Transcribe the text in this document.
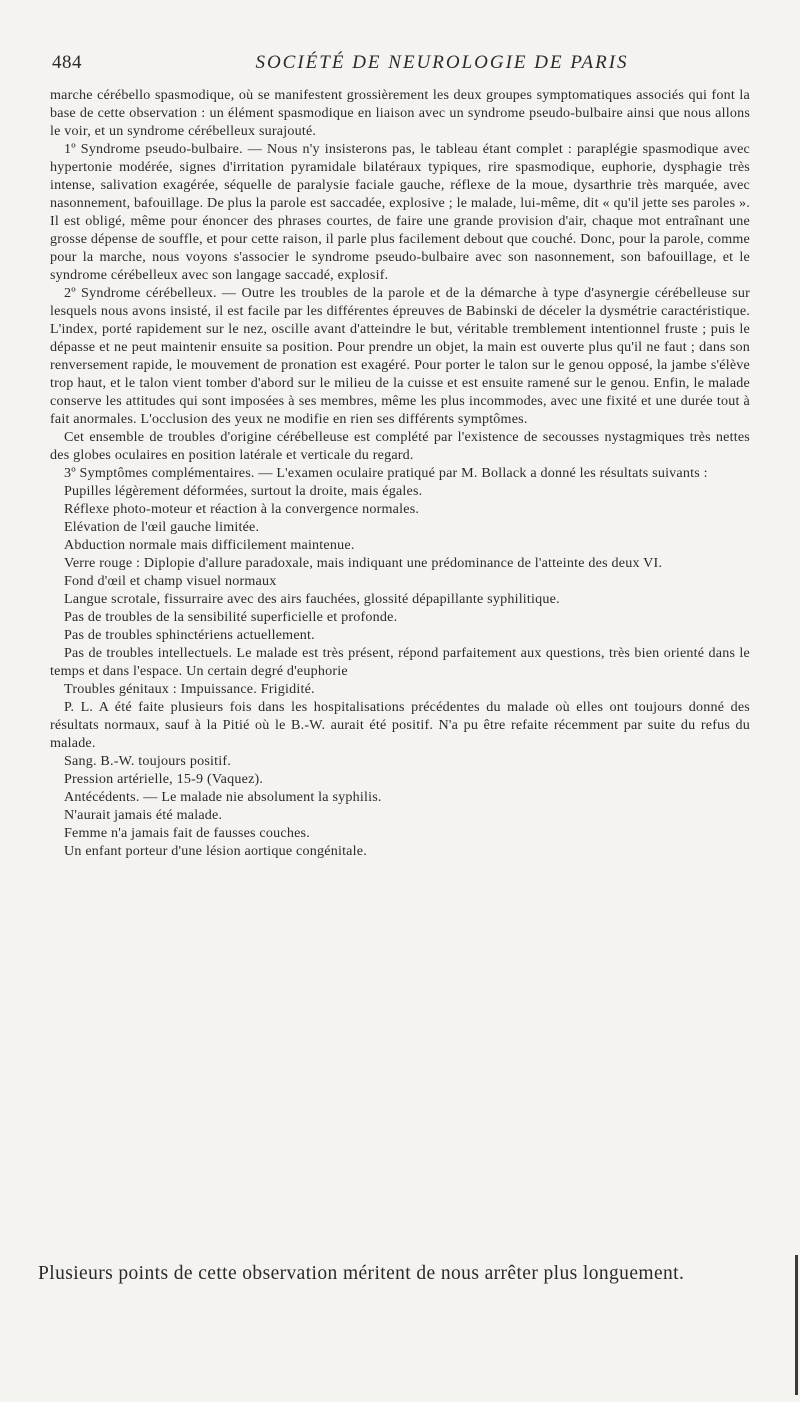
484	SOCIÉTÉ DE NEUROLOGIE DE PARIS

marche cérébello spasmodique, où se manifestent grossièrement les deux groupes symptomatiques associés qui font la base de cette observation : un élément spasmodique en liaison avec un syndrome pseudo-bulbaire ainsi que nous allons le voir, et un syndrome cérébelleux surajouté.

1º Syndrome pseudo-bulbaire. — Nous n'y insisterons pas, le tableau étant complet : paraplégie spasmodique avec hypertonie modérée, signes d'irritation pyramidale bilatéraux typiques, rire spasmodique, euphorie, dysphagie très intense, salivation exagérée, séquelle de paralysie faciale gauche, réflexe de la moue, dysarthrie très marquée, avec nasonnement, bafouillage. De plus la parole est saccadée, explosive ; le malade, lui-même, dit « qu'il jette ses paroles ». Il est obligé, même pour énoncer des phrases courtes, de faire une grande provision d'air, chaque mot entraînant une grosse dépense de souffle, et pour cette raison, il parle plus facilement debout que couché. Donc, pour la parole, comme pour la marche, nous voyons s'associer le syndrome pseudo-bulbaire avec son nasonnement, son bafouillage, et le syndrome cérébelleux avec son langage saccadé, explosif.

2º Syndrome cérébelleux. — Outre les troubles de la parole et de la démarche à type d'asynergie cérébelleuse sur lesquels nous avons insisté, il est facile par les différentes épreuves de Babinski de déceler la dysmétrie caractéristique. L'index, porté rapidement sur le nez, oscille avant d'atteindre le but, véritable tremblement intentionnel fruste ; puis le dépasse et ne peut maintenir ensuite sa position. Pour prendre un objet, la main est ouverte plus qu'il ne faut ; dans son renversement rapide, le mouvement de pronation est exagéré. Pour porter le talon sur le genou opposé, la jambe s'élève trop haut, et le talon vient tomber d'abord sur le milieu de la cuisse et est ensuite ramené sur le genou. Enfin, le malade conserve les attitudes qui sont imposées à ses membres, même les plus incommodes, avec une fixité et une durée tout à fait anormales. L'occlusion des yeux ne modifie en rien ses différents symptômes.

Cet ensemble de troubles d'origine cérébelleuse est complété par l'existence de secousses nystagmiques très nettes des globes oculaires en position latérale et verticale du regard.

3º Symptômes complémentaires. — L'examen oculaire pratiqué par M. Bollack a donné les résultats suivants :

Pupilles légèrement déformées, surtout la droite, mais égales.

Réflexe photo-moteur et réaction à la convergence normales.

Elévation de l'œil gauche limitée.

Abduction normale mais difficilement maintenue.

Verre rouge : Diplopie d'allure paradoxale, mais indiquant une prédominance de l'atteinte des deux VI.

Fond d'œil et champ visuel normaux

Langue scrotale, fissurraire avec des airs fauchées, glossité dépapillante syphilitique.

Pas de troubles de la sensibilité superficielle et profonde.

Pas de troubles sphinctériens actuellement.

Pas de troubles intellectuels. Le malade est très présent, répond parfaitement aux questions, très bien orienté dans le temps et dans l'espace. Un certain degré d'euphorie

Troubles génitaux : Impuissance. Frigidité.

P. L. A été faite plusieurs fois dans les hospitalisations précédentes du malade où elles ont toujours donné des résultats normaux, sauf à la Pitié où le B.-W. aurait été positif. N'a pu être refaite récemment par suite du refus du malade.

Sang. B.-W. toujours positif.

Pression artérielle, 15-9 (Vaquez).

Antécédents. — Le malade nie absolument la syphilis.

N'aurait jamais été malade.

Femme n'a jamais fait de fausses couches.

Un enfant porteur d'une lésion aortique congénitale.

Plusieurs points de cette observation méritent de nous arrêter plus longuement.
